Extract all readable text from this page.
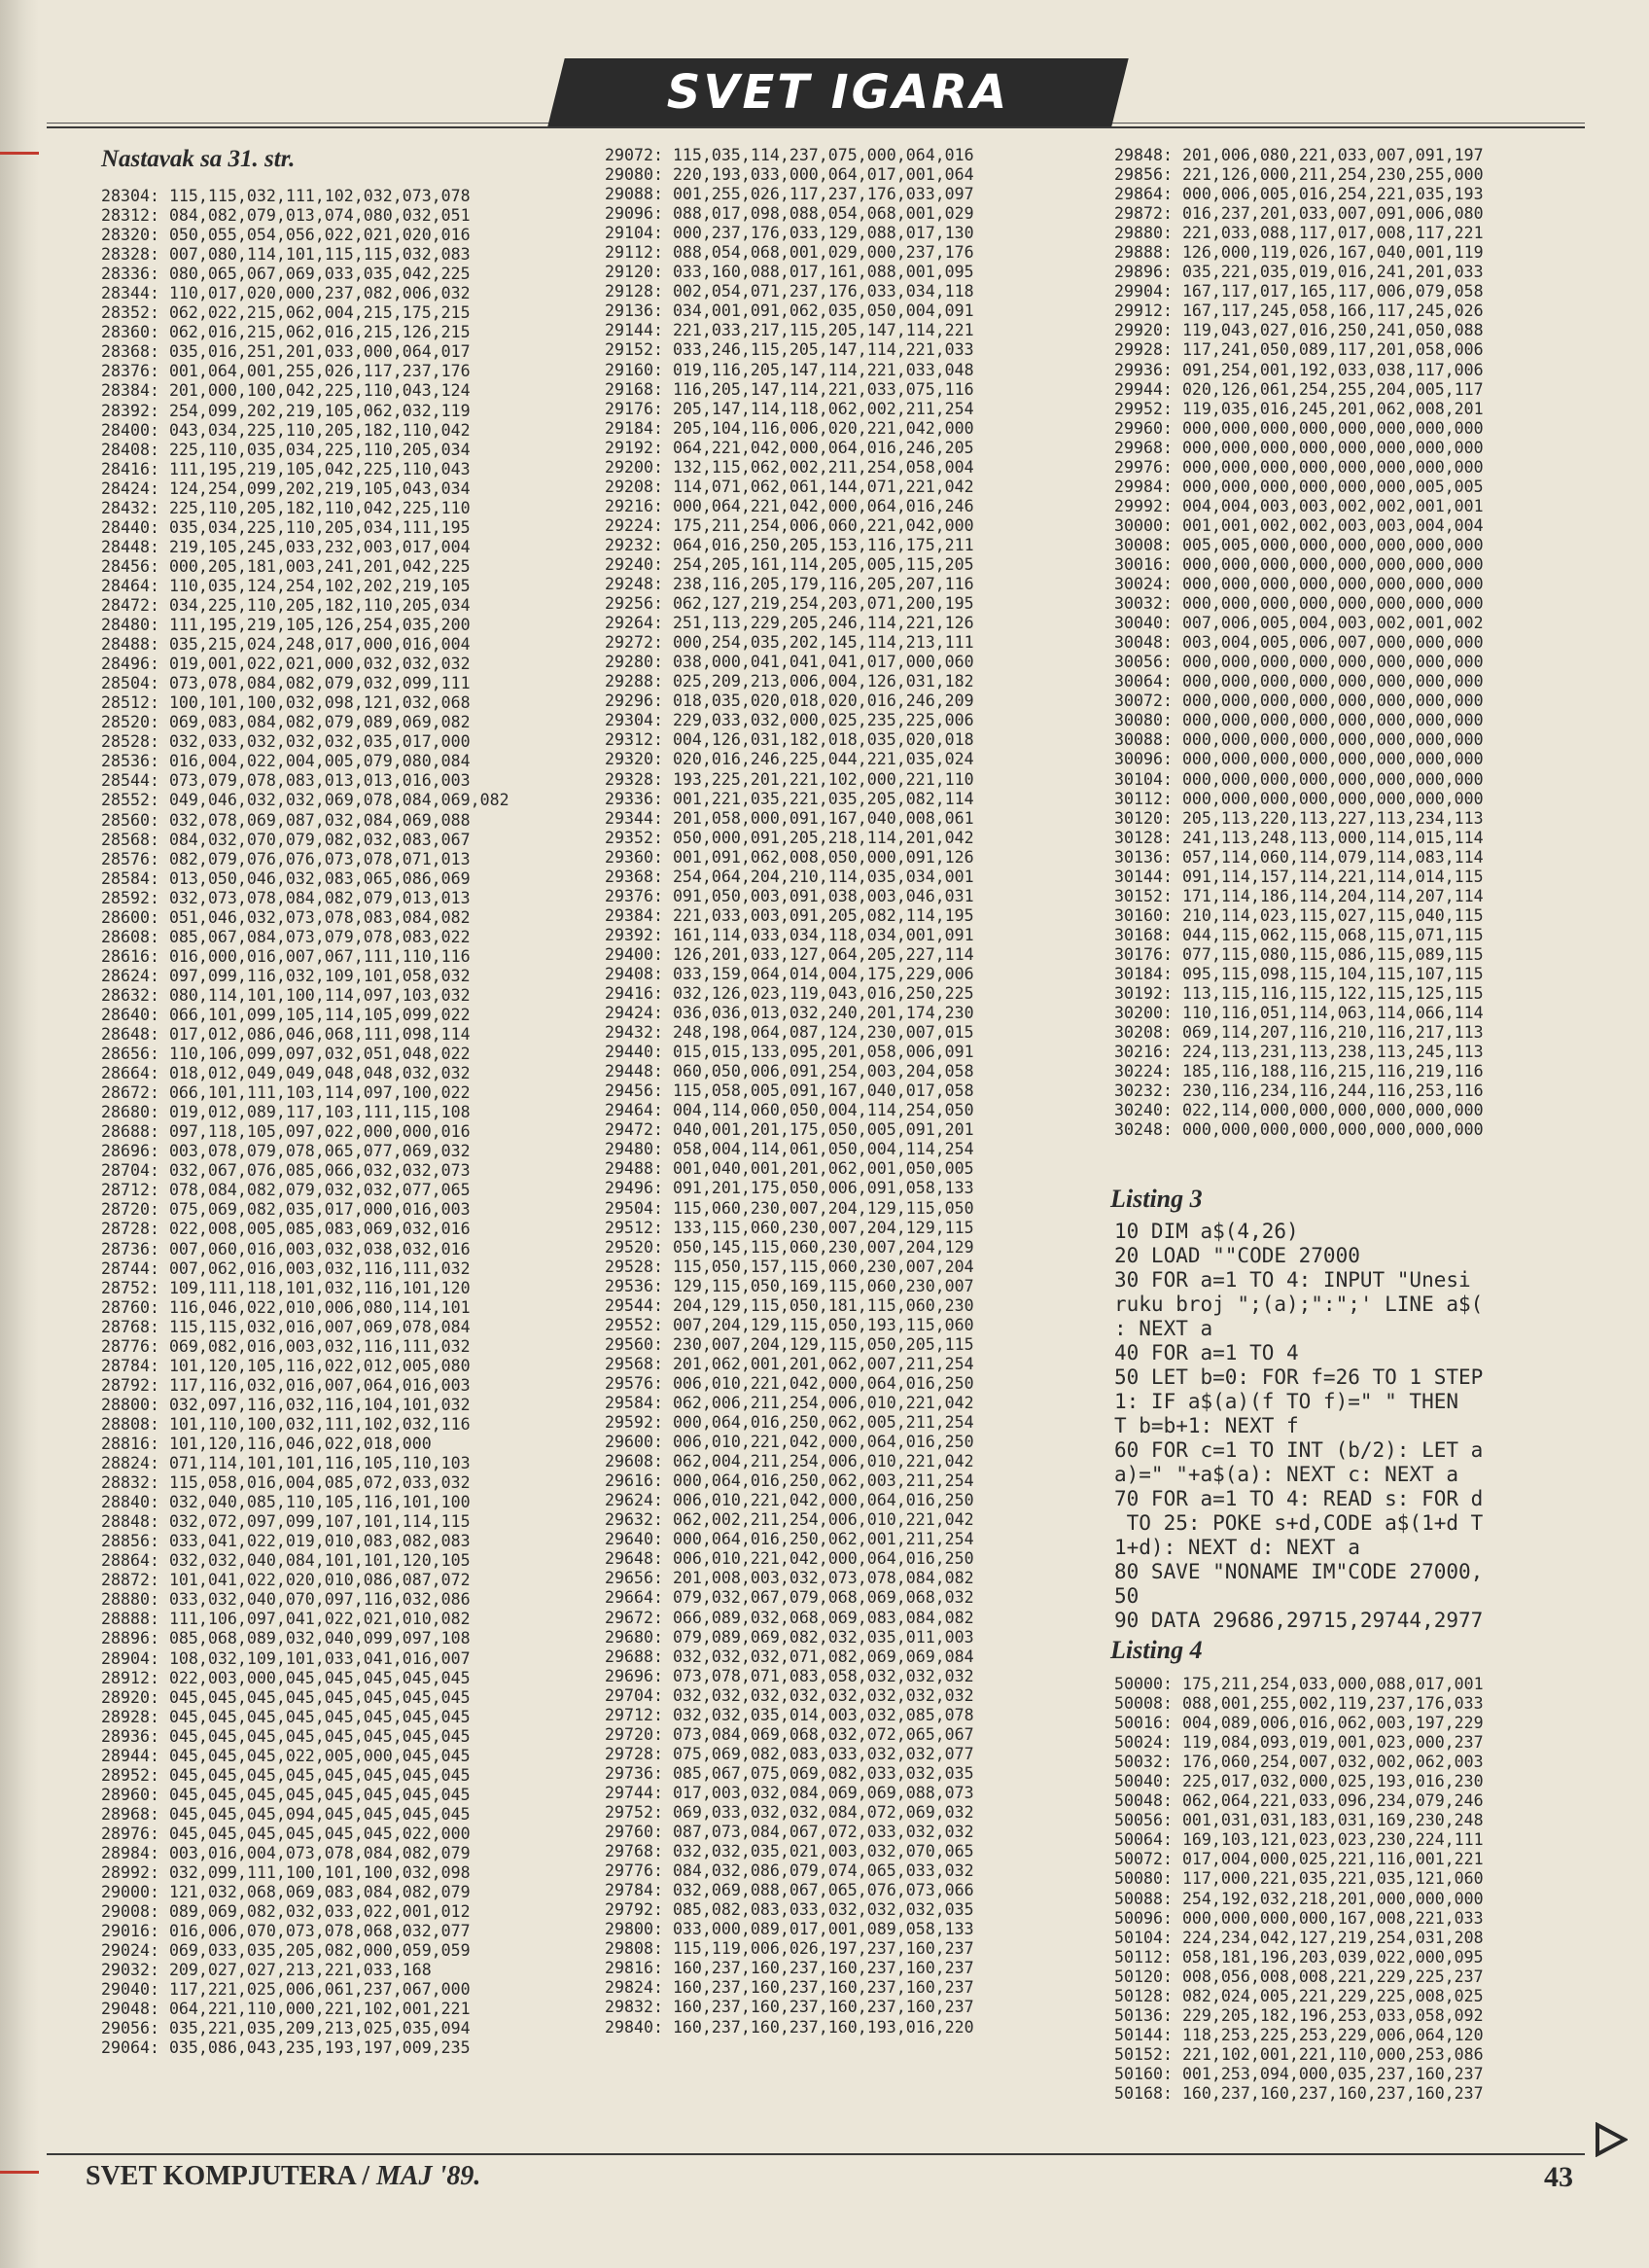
SVET IGARA
Nastavak sa 31. str.
28304: 115,115,032,111,102,032,073,078
28312: 084,082,079,013,074,080,032,051
28320: 050,055,054,056,022,021,020,016
28328: 007,080,114,101,115,115,032,083
28336: 080,065,067,069,033,035,042,225
28344: 110,017,020,000,237,082,006,032
28352: 062,022,215,062,004,215,175,215
28360: 062,016,215,062,016,215,126,215
28368: 035,016,251,201,033,000,064,017
28376: 001,064,001,255,026,117,237,176
28384: 201,000,100,042,225,110,043,124
28392: 254,099,202,219,105,062,032,119
28400: 043,034,225,110,205,182,110,042
28408: 225,110,035,034,225,110,205,034
28416: 111,195,219,105,042,225,110,043
28424: 124,254,099,202,219,105,043,034
28432: 225,110,205,182,110,042,225,110
28440: 035,034,225,110,205,034,111,195
28448: 219,105,245,033,232,003,017,004
28456: 000,205,181,003,241,201,042,225
28464: 110,035,124,254,102,202,219,105
28472: 034,225,110,205,182,110,205,034
28480: 111,195,219,105,126,254,035,200
28488: 035,215,024,248,017,000,016,004
28496: 019,001,022,021,000,032,032,032
28504: 073,078,084,082,079,032,099,111
28512: 100,101,100,032,098,121,032,068
28520: 069,083,084,082,079,089,069,082
28528: 032,033,032,032,032,035,017,000
28536: 016,004,022,004,005,079,080,084
28544: 073,079,078,083,013,013,016,003
28552: 049,046,032,032,069,078,084,069,082
28560: 032,078,069,087,032,084,069,088
28568: 084,032,070,079,082,032,083,067
28576: 082,079,076,076,073,078,071,013
28584: 013,050,046,032,083,065,086,069
28592: 032,073,078,084,082,079,013,013
28600: 051,046,032,073,078,083,084,082
28608: 085,067,084,073,079,078,083,022
28616: 016,000,016,007,067,111,110,116
28624: 097,099,116,032,109,101,058,032
28632: 080,114,101,100,114,097,103,032
28640: 066,101,099,105,114,105,099,022
28648: 017,012,086,046,068,111,098,114
28656: 110,106,099,097,032,051,048,022
28664: 018,012,049,049,048,048,032,032
28672: 066,101,111,103,114,097,100,022
28680: 019,012,089,117,103,111,115,108
28688: 097,118,105,097,022,000,000,016
28696: 003,078,079,078,065,077,069,032
28704: 032,067,076,085,066,032,032,073
28712: 078,084,082,079,032,032,077,065
28720: 075,069,082,035,017,000,016,003
28728: 022,008,005,085,083,069,032,016
28736: 007,060,016,003,032,038,032,016
28744: 007,062,016,003,032,116,111,032
28752: 109,111,118,101,032,116,101,120
28760: 116,046,022,010,006,080,114,101
28768: 115,115,032,016,007,069,078,084
28776: 069,082,016,003,032,116,111,032
28784: 101,120,105,116,022,012,005,080
28792: 117,116,032,016,007,064,016,003
28800: 032,097,116,032,116,104,101,032
28808: 101,110,100,032,111,102,032,116
28816: 101,120,116,046,022,018,000
28824: 071,114,101,101,116,105,110,103
28832: 115,058,016,004,085,072,033,032
28840: 032,040,085,110,105,116,101,100
28848: 032,072,097,099,107,101,114,115
28856: 033,041,022,019,010,083,082,083
28864: 032,032,040,084,101,101,120,105
28872: 101,041,022,020,010,086,087,072
28880: 033,032,040,070,097,116,032,086
28888: 111,106,097,041,022,021,010,082
28896: 085,068,089,032,040,099,097,108
28904: 108,032,109,101,033,041,016,007
28912: 022,003,000,045,045,045,045,045
28920: 045,045,045,045,045,045,045,045
28928: 045,045,045,045,045,045,045,045
28936: 045,045,045,045,045,045,045,045
28944: 045,045,045,022,005,000,045,045
28952: 045,045,045,045,045,045,045,045
28960: 045,045,045,045,045,045,045,045
28968: 045,045,045,094,045,045,045,045
28976: 045,045,045,045,045,045,022,000
28984: 003,016,004,073,078,084,082,079
28992: 032,099,111,100,101,100,032,098
29000: 121,032,068,069,083,084,082,079
29008: 089,069,082,032,033,022,001,012
29016: 016,006,070,073,078,068,032,077
29024: 069,033,035,205,082,000,059,059
29032: 209,027,027,213,221,033,168
29040: 117,221,025,006,061,237,067,000
29048: 064,221,110,000,221,102,001,221
29056: 035,221,035,209,213,025,035,094
29064: 035,086,043,235,193,197,009,235
29072: 115,035,114,237,075,000,064,016
29080: 220,193,033,000,064,017,001,064
29088: 001,255,026,117,237,176,033,097
29096: 088,017,098,088,054,068,001,029
29104: 000,237,176,033,129,088,017,130
29112: 088,054,068,001,029,000,237,176
29120: 033,160,088,017,161,088,001,095
29128: 002,054,071,237,176,033,034,118
29136: 034,001,091,062,035,050,004,091
29144: 221,033,217,115,205,147,114,221
29152: 033,246,115,205,147,114,221,033
29160: 019,116,205,147,114,221,033,048
29168: 116,205,147,114,221,033,075,116
29176: 205,147,114,118,062,002,211,254
29184: 205,104,116,006,020,221,042,000
29192: 064,221,042,000,064,016,246,205
29200: 132,115,062,002,211,254,058,004
29208: 114,071,062,061,144,071,221,042
29216: 000,064,221,042,000,064,016,246
29224: 175,211,254,006,060,221,042,000
29232: 064,016,250,205,153,116,175,211
29240: 254,205,161,114,205,005,115,205
29248: 238,116,205,179,116,205,207,116
29256: 062,127,219,254,203,071,200,195
29264: 251,113,229,205,246,114,221,126
29272: 000,254,035,202,145,114,213,111
29280: 038,000,041,041,041,017,000,060
29288: 025,209,213,006,004,126,031,182
29296: 018,035,020,018,020,016,246,209
29304: 229,033,032,000,025,235,225,006
29312: 004,126,031,182,018,035,020,018
29320: 020,016,246,225,044,221,035,024
29328: 193,225,201,221,102,000,221,110
29336: 001,221,035,221,035,205,082,114
29344: 201,058,000,091,167,040,008,061
29352: 050,000,091,205,218,114,201,042
29360: 001,091,062,008,050,000,091,126
29368: 254,064,204,210,114,035,034,001
29376: 091,050,003,091,038,003,046,031
29384: 221,033,003,091,205,082,114,195
29392: 161,114,033,034,118,034,001,091
29400: 126,201,033,127,064,205,227,114
29408: 033,159,064,014,004,175,229,006
29416: 032,126,023,119,043,016,250,225
29424: 036,036,013,032,240,201,174,230
29432: 248,198,064,087,124,230,007,015
29440: 015,015,133,095,201,058,006,091
29448: 060,050,006,091,254,003,204,058
29456: 115,058,005,091,167,040,017,058
29464: 004,114,060,050,004,114,254,050
29472: 040,001,201,175,050,005,091,201
29480: 058,004,114,061,050,004,114,254
29488: 001,040,001,201,062,001,050,005
29496: 091,201,175,050,006,091,058,133
29504: 115,060,230,007,204,129,115,050
29512: 133,115,060,230,007,204,129,115
29520: 050,145,115,060,230,007,204,129
29528: 115,050,157,115,060,230,007,204
29536: 129,115,050,169,115,060,230,007
29544: 204,129,115,050,181,115,060,230
29552: 007,204,129,115,050,193,115,060
29560: 230,007,204,129,115,050,205,115
29568: 201,062,001,201,062,007,211,254
29576: 006,010,221,042,000,064,016,250
29584: 062,006,211,254,006,010,221,042
29592: 000,064,016,250,062,005,211,254
29600: 006,010,221,042,000,064,016,250
29608: 062,004,211,254,006,010,221,042
29616: 000,064,016,250,062,003,211,254
29624: 006,010,221,042,000,064,016,250
29632: 062,002,211,254,006,010,221,042
29640: 000,064,016,250,062,001,211,254
29648: 006,010,221,042,000,064,016,250
29656: 201,008,003,032,073,078,084,082
29664: 079,032,067,079,068,069,068,032
29672: 066,089,032,068,069,083,084,082
29680: 079,089,069,082,032,035,011,003
29688: 032,032,032,071,082,069,069,084
29696: 073,078,071,083,058,032,032,032
29704: 032,032,032,032,032,032,032,032
29712: 032,032,035,014,003,032,085,078
29720: 073,084,069,068,032,072,065,067
29728: 075,069,082,083,033,032,032,077
29736: 085,067,075,069,082,033,032,035
29744: 017,003,032,084,069,069,088,073
29752: 069,033,032,032,084,072,069,032
29760: 087,073,084,067,072,033,032,032
29768: 032,032,035,021,003,032,070,065
29776: 084,032,086,079,074,065,033,032
29784: 032,069,088,067,065,076,073,066
29792: 085,082,083,033,032,032,032,035
29800: 033,000,089,017,001,089,058,133
29808: 115,119,006,026,197,237,160,237
29816: 160,237,160,237,160,237,160,237
29824: 160,237,160,237,160,237,160,237
29832: 160,237,160,237,160,237,160,237
29840: 160,237,160,237,160,193,016,220
29848: 201,006,080,221,033,007,091,197
29856: 221,126,000,211,254,230,255,000
29864: 000,006,005,016,254,221,035,193
29872: 016,237,201,033,007,091,006,080
29880: 221,033,088,117,017,008,117,221
29888: 126,000,119,026,167,040,001,119
29896: 035,221,035,019,016,241,201,033
29904: 167,117,017,165,117,006,079,058
29912: 167,117,245,058,166,117,245,026
29920: 119,043,027,016,250,241,050,088
29928: 117,241,050,089,117,201,058,006
29936: 091,254,001,192,033,038,117,006
29944: 020,126,061,254,255,204,005,117
29952: 119,035,016,245,201,062,008,201
29960: 000,000,000,000,000,000,000,000
29968: 000,000,000,000,000,000,000,000
29976: 000,000,000,000,000,000,000,000
29984: 000,000,000,000,000,000,005,005
29992: 004,004,003,003,002,002,001,001
30000: 001,001,002,002,003,003,004,004
30008: 005,005,000,000,000,000,000,000
30016: 000,000,000,000,000,000,000,000
30024: 000,000,000,000,000,000,000,000
30032: 000,000,000,000,000,000,000,000
30040: 007,006,005,004,003,002,001,002
30048: 003,004,005,006,007,000,000,000
30056: 000,000,000,000,000,000,000,000
30064: 000,000,000,000,000,000,000,000
30072: 000,000,000,000,000,000,000,000
30080: 000,000,000,000,000,000,000,000
30088: 000,000,000,000,000,000,000,000
30096: 000,000,000,000,000,000,000,000
30104: 000,000,000,000,000,000,000,000
30112: 000,000,000,000,000,000,000,000
30120: 205,113,220,113,227,113,234,113
30128: 241,113,248,113,000,114,015,114
30136: 057,114,060,114,079,114,083,114
30144: 091,114,157,114,221,114,014,115
30152: 171,114,186,114,204,114,207,114
30160: 210,114,023,115,027,115,040,115
30168: 044,115,062,115,068,115,071,115
30176: 077,115,080,115,086,115,089,115
30184: 095,115,098,115,104,115,107,115
30192: 113,115,116,115,122,115,125,115
30200: 110,116,051,114,063,114,066,114
30208: 069,114,207,116,210,116,217,113
30216: 224,113,231,113,238,113,245,113
30224: 185,116,188,116,215,116,219,116
30232: 230,116,234,116,244,116,253,116
30240: 022,114,000,000,000,000,000,000
30248: 000,000,000,000,000,000,000,000
Listing 3
10 DIM a$(4,26)
20 LOAD ""CODE 27000
30 FOR a=1 TO 4: INPUT "Unesi
ruku broj ";(a);":";' LINE a$(
: NEXT a
40 FOR a=1 TO 4
50 LET b=0: FOR f=26 TO 1 STEP
1: IF a$(a)(f TO f)=" " THEN
T b=b+1: NEXT f
60 FOR c=1 TO INT (b/2): LET a
a)=" "+a$(a): NEXT c: NEXT a
70 FOR a=1 TO 4: READ s: FOR d
TO 25: POKE s+d,CODE a$(1+d T
1+d): NEXT d: NEXT a
80 SAVE "NONAME IM"CODE 27000,
50
90 DATA 29686,29715,29744,2977
Listing 4
50000: 175,211,254,033,000,088,017,001
50008: 088,001,255,002,119,237,176,033
50016: 004,089,006,016,062,003,197,229
50024: 119,084,093,019,001,023,000,237
50032: 176,060,254,007,032,002,062,003
50040: 225,017,032,000,025,193,016,230
50048: 062,064,221,033,096,234,079,246
50056: 001,031,031,183,031,169,230,248
50064: 169,103,121,023,023,230,224,111
50072: 017,004,000,025,221,116,001,221
50080: 117,000,221,035,221,035,121,060
50088: 254,192,032,218,201,000,000,000
50096: 000,000,000,000,167,008,221,033
50104: 224,234,042,127,219,254,031,208
50112: 058,181,196,203,039,022,000,095
50120: 008,056,008,008,221,229,225,237
50128: 082,024,005,221,229,225,008,025
50136: 229,205,182,196,253,033,058,092
50144: 118,253,225,253,229,006,064,120
50152: 221,102,001,221,110,000,253,086
50160: 001,253,094,000,035,237,160,237
50168: 160,237,160,237,160,237,160,237
SVET KOMPJUTERA / MAJ '89.	43
